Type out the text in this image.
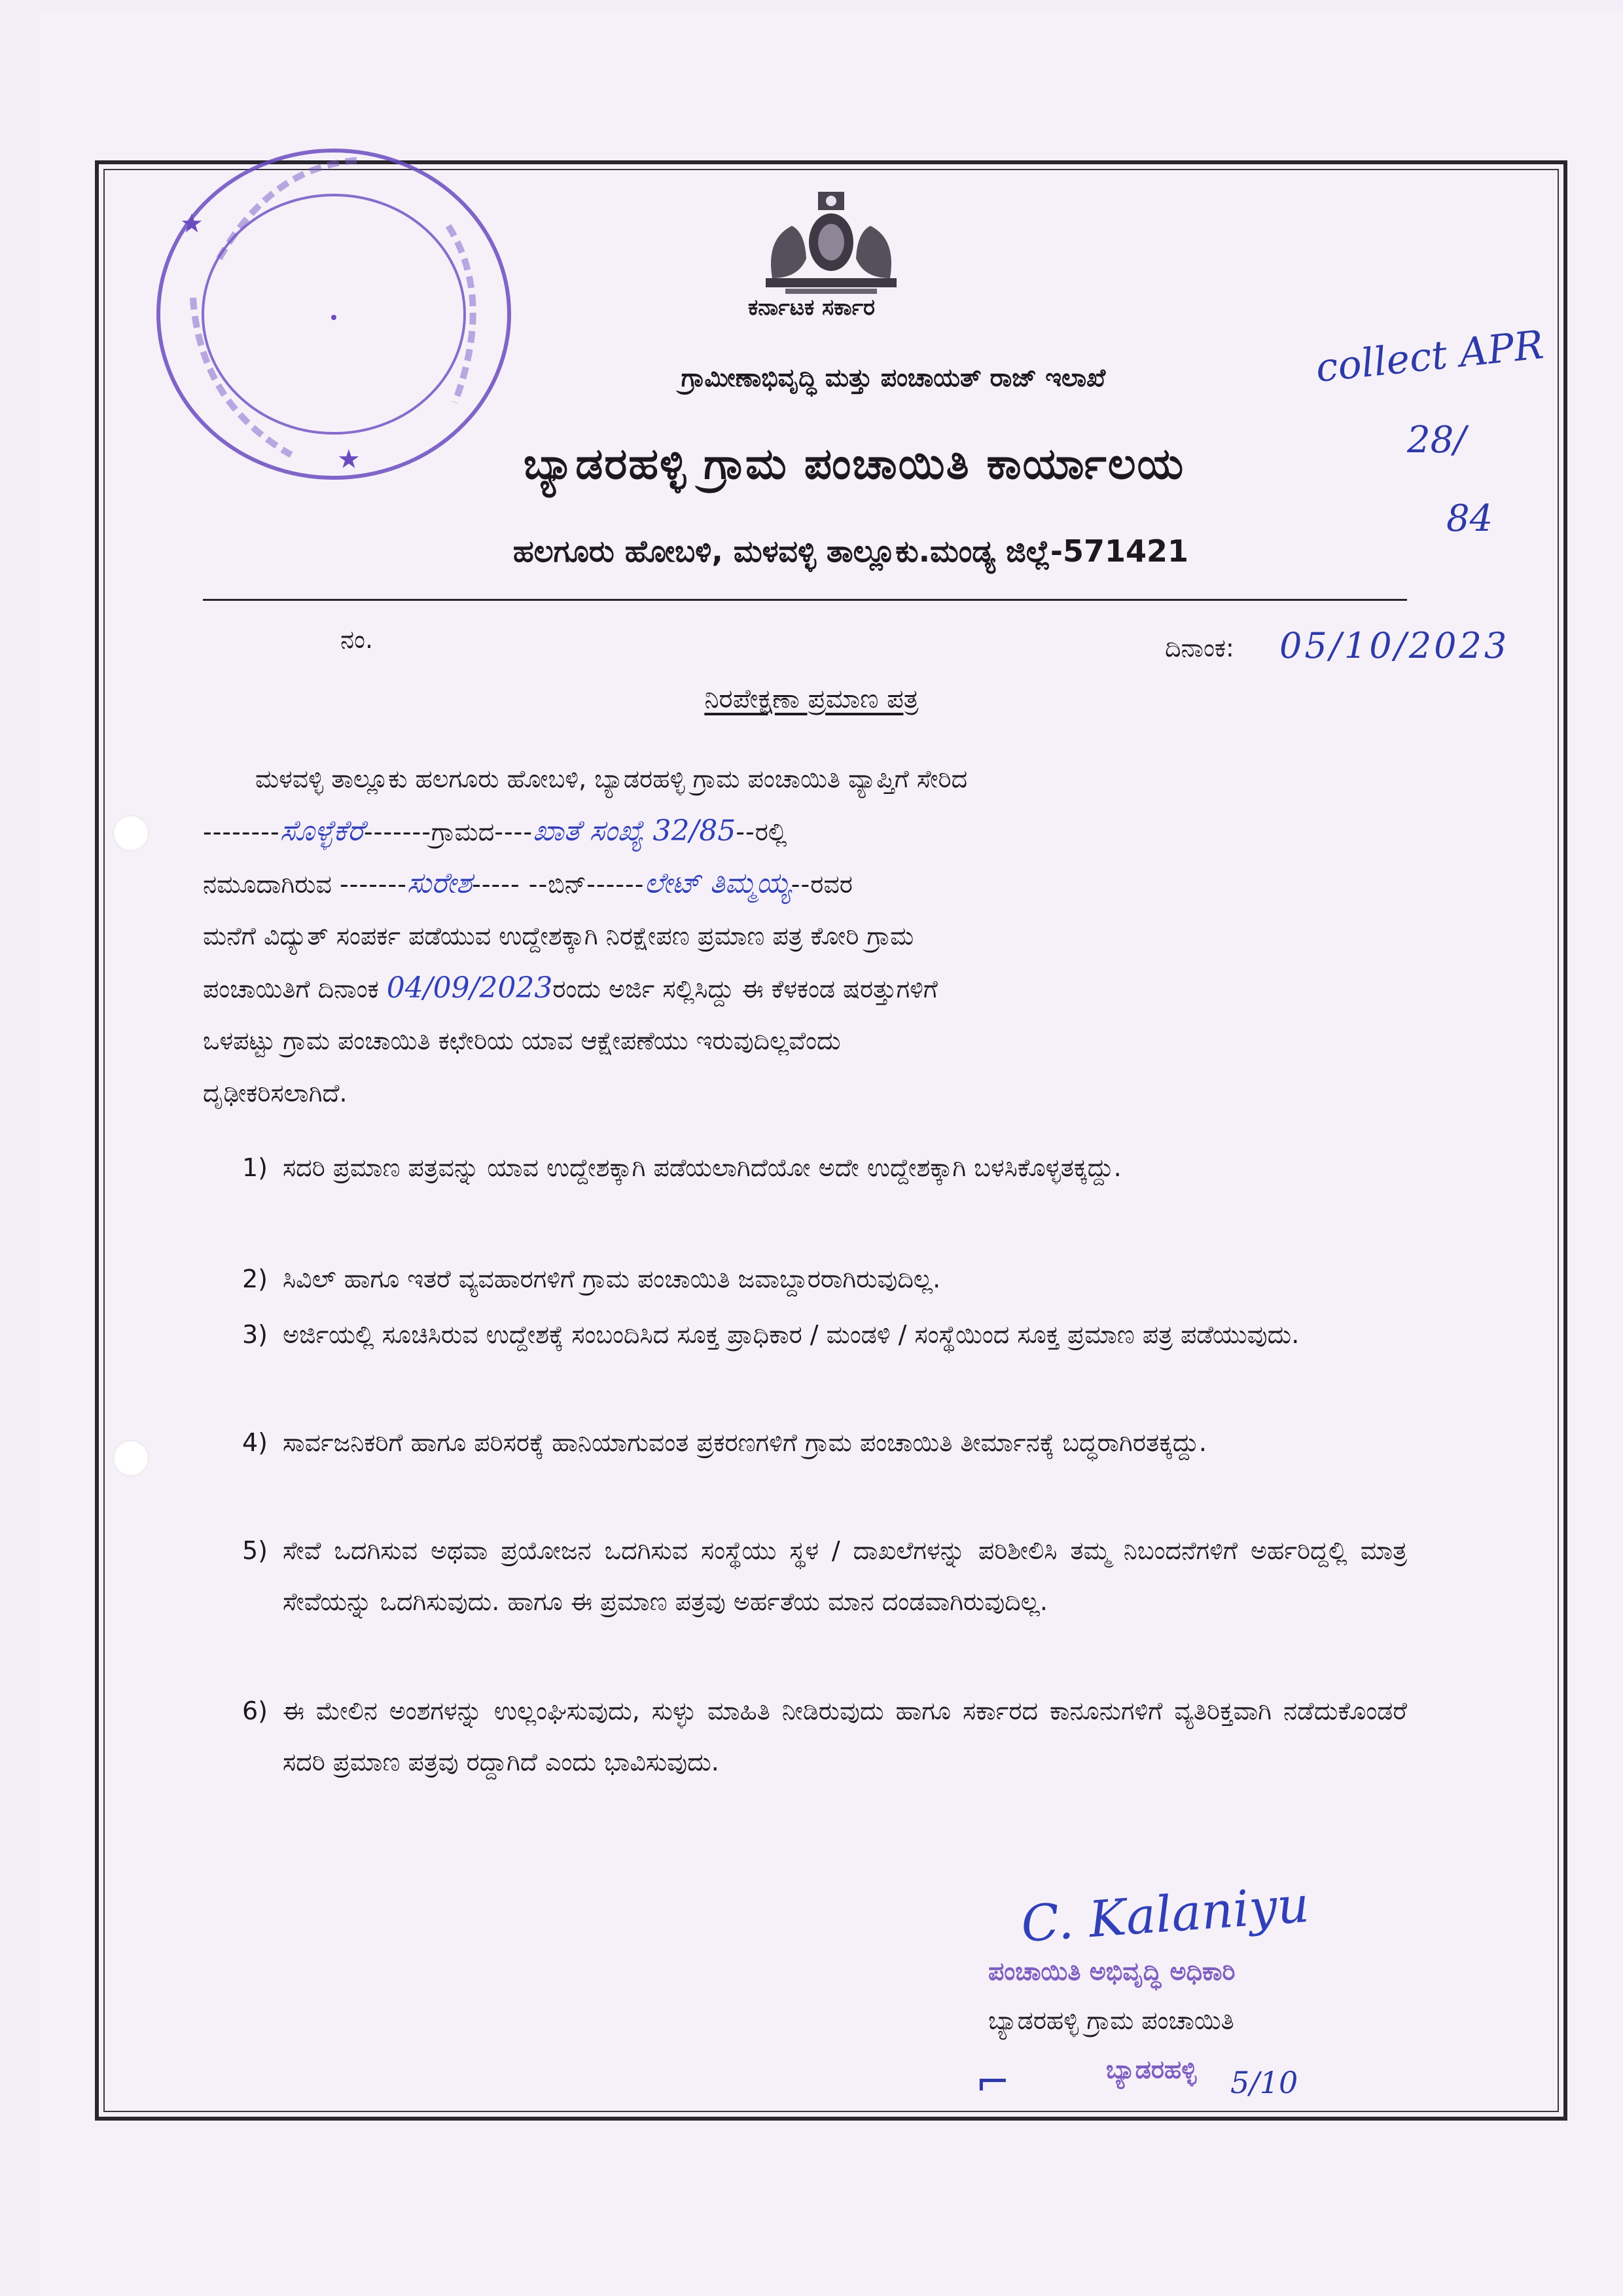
★
★
ಕರ್ನಾಟಕ ಸರ್ಕಾರ
ಗ್ರಾಮೀಣಾಭಿವೃದ್ಧಿ ಮತ್ತು ಪಂಚಾಯತ್ ರಾಜ್ ಇಲಾಖೆ
ಬ್ಯಾಡರಹಳ್ಳಿ ಗ್ರಾಮ ಪಂಚಾಯಿತಿ ಕಾರ್ಯಾಲಯ
ಹಲಗೂರು ಹೋಬಳಿ, ಮಳವಳ್ಳಿ ತಾಲ್ಲೂಕು.ಮಂಡ್ಯ ಜಿಲ್ಲೆ-571421
collect APR
28/
84
ನಂ.	ದಿನಾಂಕ: 05/10/2023
ನಿರಪೇಕ್ಷಣಾ ಪ್ರಮಾಣ ಪತ್ರ
ಮಳವಳ್ಳಿ ತಾಲ್ಲೂಕು ಹಲಗೂರು ಹೋಬಳಿ, ಬ್ಯಾಡರಹಳ್ಳಿ ಗ್ರಾಮ ಪಂಚಾಯಿತಿ ವ್ಯಾಪ್ತಿಗೆ ಸೇರಿದ
--------ಸೊಳ್ಳೆಕೆರೆ-------ಗ್ರಾಮದ----ಖಾತೆ ಸಂಖ್ಯೆ 32/85--ರಲ್ಲಿ
ನಮೂದಾಗಿರುವ -------ಸುರೇಶ----- --ಬಿನ್------ಲೇಟ್ ತಿಮ್ಮಯ್ಯ--ರವರ
ಮನೆಗೆ ವಿದ್ಯುತ್ ಸಂಪರ್ಕ ಪಡೆಯುವ ಉದ್ದೇಶಕ್ಕಾಗಿ ನಿರಕ್ಷೇಪಣ ಪ್ರಮಾಣ ಪತ್ರ ಕೋರಿ ಗ್ರಾಮ
ಪಂಚಾಯಿತಿಗೆ ದಿನಾಂಕ 04/09/2023ರಂದು ಅರ್ಜಿ ಸಲ್ಲಿಸಿದ್ದು ಈ ಕೆಳಕಂಡ ಷರತ್ತುಗಳಿಗೆ
ಒಳಪಟ್ಟು ಗ್ರಾಮ ಪಂಚಾಯಿತಿ ಕಛೇರಿಯ ಯಾವ ಆಕ್ಷೇಪಣೆಯು ಇರುವುದಿಲ್ಲವೆಂದು
ದೃಢೀಕರಿಸಲಾಗಿದೆ.
1) ಸದರಿ ಪ್ರಮಾಣ ಪತ್ರವನ್ನು ಯಾವ ಉದ್ದೇಶಕ್ಕಾಗಿ ಪಡೆಯಲಾಗಿದೆಯೋ ಅದೇ ಉದ್ದೇಶಕ್ಕಾಗಿ ಬಳಸಿಕೊಳ್ಳತಕ್ಕದ್ದು.
2) ಸಿವಿಲ್ ಹಾಗೂ ಇತರೆ ವ್ಯವಹಾರಗಳಿಗೆ ಗ್ರಾಮ ಪಂಚಾಯಿತಿ ಜವಾಬ್ದಾರರಾಗಿರುವುದಿಲ್ಲ.
3) ಅರ್ಜಿಯಲ್ಲಿ ಸೂಚಿಸಿರುವ ಉದ್ದೇಶಕ್ಕೆ ಸಂಬಂದಿಸಿದ ಸೂಕ್ತ ಪ್ರಾಧಿಕಾರ / ಮಂಡಳಿ / ಸಂಸ್ಥೆಯಿಂದ ಸೂಕ್ತ ಪ್ರಮಾಣ ಪತ್ರ ಪಡೆಯುವುದು.
4) ಸಾರ್ವಜನಿಕರಿಗೆ ಹಾಗೂ ಪರಿಸರಕ್ಕೆ ಹಾನಿಯಾಗುವಂತ ಪ್ರಕರಣಗಳಿಗೆ ಗ್ರಾಮ ಪಂಚಾಯಿತಿ ತೀರ್ಮಾನಕ್ಕೆ ಬದ್ಧರಾಗಿರತಕ್ಕದ್ದು.
5) ಸೇವೆ ಒದಗಿಸುವ ಅಥವಾ ಪ್ರಯೋಜನ ಒದಗಿಸುವ ಸಂಸ್ಥೆಯು ಸ್ಥಳ / ದಾಖಲೆಗಳನ್ನು ಪರಿಶೀಲಿಸಿ ತಮ್ಮ ನಿಬಂದನೆಗಳಿಗೆ ಅರ್ಹರಿದ್ದಲ್ಲಿ ಮಾತ್ರ ಸೇವೆಯನ್ನು ಒದಗಿಸುವುದು. ಹಾಗೂ ಈ ಪ್ರಮಾಣ ಪತ್ರವು ಅರ್ಹತೆಯ ಮಾನ ದಂಡವಾಗಿರುವುದಿಲ್ಲ.
6) ಈ ಮೇಲಿನ ಅಂಶಗಳನ್ನು ಉಲ್ಲಂಘಿಸುವುದು, ಸುಳ್ಳು ಮಾಹಿತಿ ನೀಡಿರುವುದು ಹಾಗೂ ಸರ್ಕಾರದ ಕಾನೂನುಗಳಿಗೆ ವ್ಯತಿರಿಕ್ತವಾಗಿ ನಡೆದುಕೊಂಡರೆ ಸದರಿ ಪ್ರಮಾಣ ಪತ್ರವು ರದ್ದಾಗಿದೆ ಎಂದು ಭಾವಿಸುವುದು.
C. Kalaniyu
ಪಂಚಾಯಿತಿ ಅಭಿವೃದ್ಧಿ ಅಧಿಕಾರಿ
ಬ್ಯಾಡರಹಳ್ಳಿ ಗ್ರಾಮ ಪಂಚಾಯಿತಿ
ಬ್ಯಾಡರಹಳ್ಳಿ
⌐	5/10
